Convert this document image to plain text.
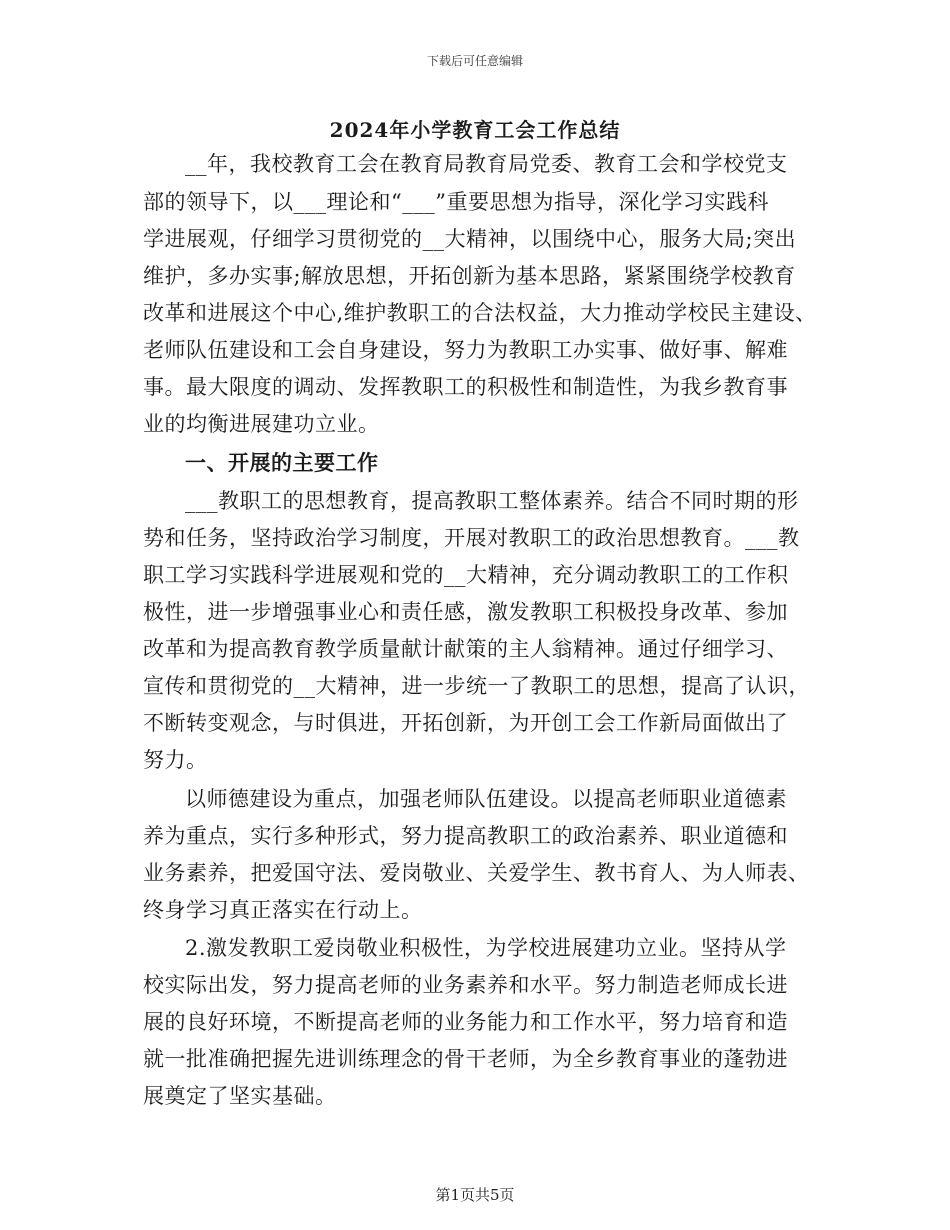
下载后可任意编辑
2024年小学教育工会工作总结
__年，我校教育工会在教育局教育局党委、教育工会和学校党支
部的领导下，以___理论和“___”重要思想为指导，深化学习实践科
学进展观，仔细学习贯彻党的__大精神，以围绕中心，服务大局;突出
维护，多办实事;解放思想，开拓创新为基本思路，紧紧围绕学校教育
改革和进展这个中心,维护教职工的合法权益，大力推动学校民主建设、
老师队伍建设和工会自身建设，努力为教职工办实事、做好事、解难
事。最大限度的调动、发挥教职工的积极性和制造性，为我乡教育事
业的均衡进展建功立业。
一、开展的主要工作
___教职工的思想教育，提高教职工整体素养。结合不同时期的形
势和任务，坚持政治学习制度，开展对教职工的政治思想教育。___教
职工学习实践科学进展观和党的__大精神，充分调动教职工的工作积
极性，进一步增强事业心和责任感，激发教职工积极投身改革、参加
改革和为提高教育教学质量献计献策的主人翁精神。通过仔细学习、
宣传和贯彻党的__大精神，进一步统一了教职工的思想，提高了认识，
不断转变观念，与时俱进，开拓创新，为开创工会工作新局面做出了
努力。
以师德建设为重点，加强老师队伍建设。以提高老师职业道德素
养为重点，实行多种形式，努力提高教职工的政治素养、职业道德和
业务素养，把爱国守法、爱岗敬业、关爱学生、教书育人、为人师表、
终身学习真正落实在行动上。
2.激发教职工爱岗敬业积极性，为学校进展建功立业。坚持从学
校实际出发，努力提高老师的业务素养和水平。努力制造老师成长进
展的良好环境，不断提高老师的业务能力和工作水平，努力培育和造
就一批准确把握先进训练理念的骨干老师，为全乡教育事业的蓬勃进
展奠定了坚实基础。
第1页共5页
